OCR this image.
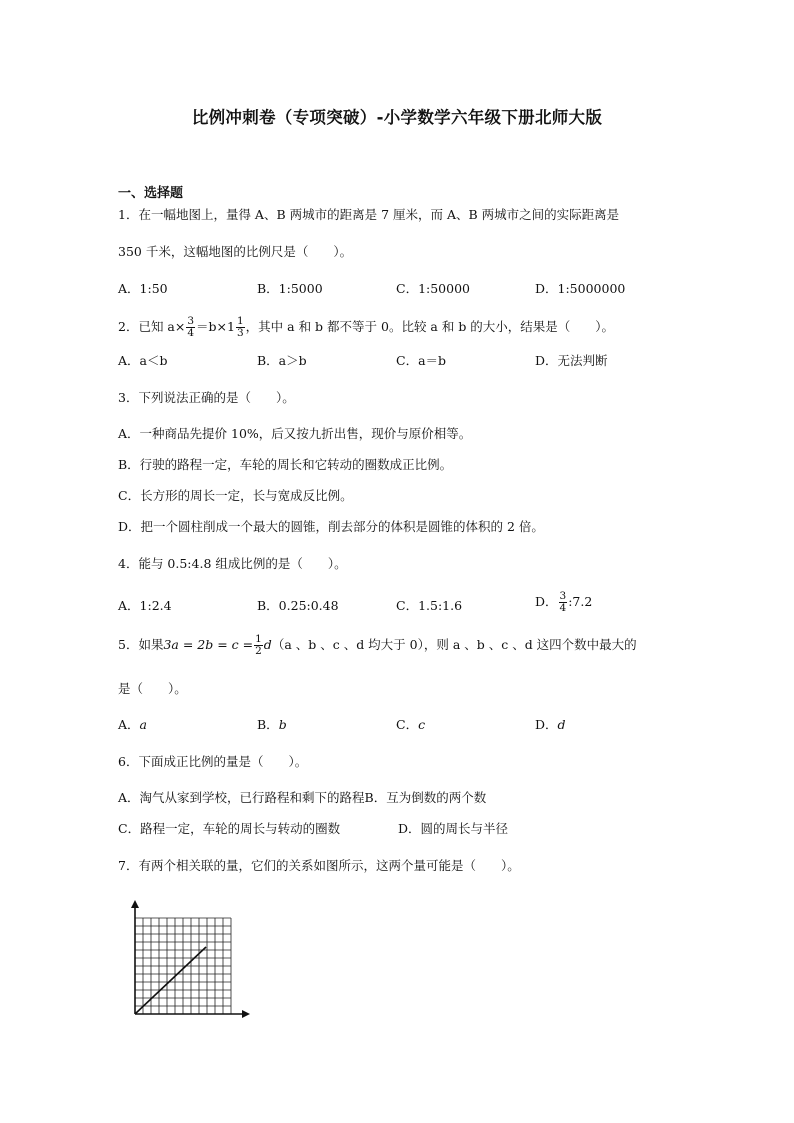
比例冲刺卷（专项突破）-小学数学六年级下册北师大版
一、选择题
1．在一幅地图上，量得 A、B 两城市的距离是 7 厘米，而 A、B 两城市之间的实际距离是
350 千米，这幅地图的比例尺是（　　）。
A．1:50	B．1:5000	C．1:50000	D．1:5000000
2．已知 $a\times \frac{3}{4} =b\times 1 \frac{1}{3}$ ，其中 a 和 b 都不等于 0。比较 a 和 b 的大小，结果是（　　）。
A．a＜b	B．a＞b	C．a＝b	D．无法判断
3．下列说法正确的是（　　）。
A．一种商品先提价 10%，后又按九折出售，现价与原价相等。
B．行驶的路程一定，车轮的周长和它转动的圈数成正比例。
C．长方形的周长一定，长与宽成反比例。
D．把一个圆柱削成一个最大的圆锥，削去部分的体积是圆锥的体积的 2 倍。
4．能与 0.5:4.8 组成比例的是（　　）。
A．1:2.4	B．0.25:0.48	C．1.5:1.6	D． $\frac{3}{4}$ :7.2
5．如果$3a = 2b = c = \frac{1}{2} d(a$ 、b 、c 、d 均大于 0），则 a 、b 、c 、d 这四个数中最大的
是（　　）。
A．a	B．b	C．c	D．d
6．下面成正比例的量是（　　）。
A．淘气从家到学校，已行路程和剩下的路程B．互为倒数的两个数
C．路程一定，车轮的周长与转动的圈数	D．圆的周长与半径
7．有两个相关联的量，它们的关系如图所示，这两个量可能是（　　）。
